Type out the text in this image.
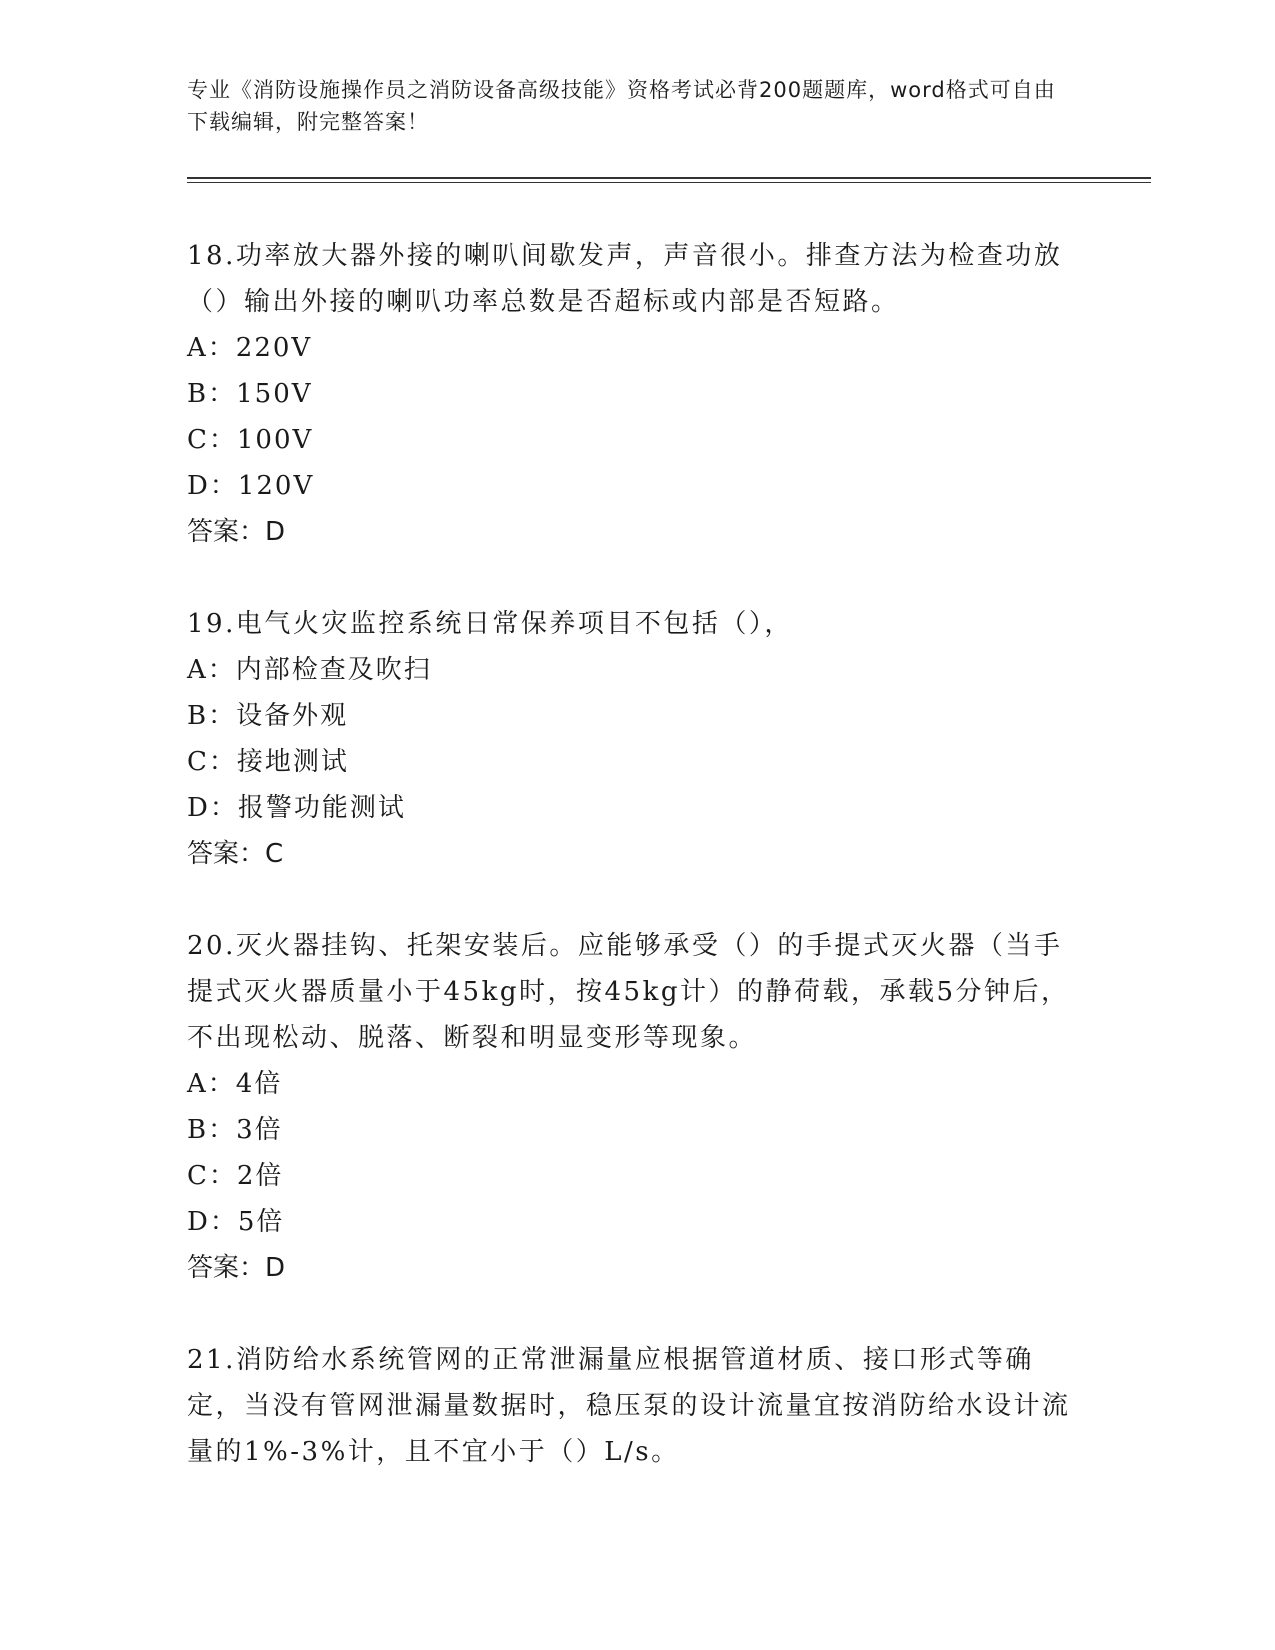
专业《消防设施操作员之消防设备高级技能》资格考试必背200题题库，word格式可自由下载编辑，附完整答案！

18.功率放大器外接的喇叭间歇发声，声音很小。排查方法为检查功放（）输出外接的喇叭功率总数是否超标或内部是否短路。

A：220V

B：150V

C：100V

D：120V

答案：D

19.电气火灾监控系统日常保养项目不包括（），

A：内部检查及吹扫

B：设备外观

C：接地测试

D：报警功能测试

答案：C

20.灭火器挂钩、托架安装后。应能够承受（）的手提式灭火器（当手提式灭火器质量小于45kg时，按45kg计）的静荷载，承载5分钟后，不出现松动、脱落、断裂和明显变形等现象。

A：4倍

B：3倍

C：2倍

D：5倍

答案：D

21.消防给水系统管网的正常泄漏量应根据管道材质、接口形式等确定，当没有管网泄漏量数据时，稳压泵的设计流量宜按消防给水设计流量的1%-3%计，且不宜小于（）L/s。
